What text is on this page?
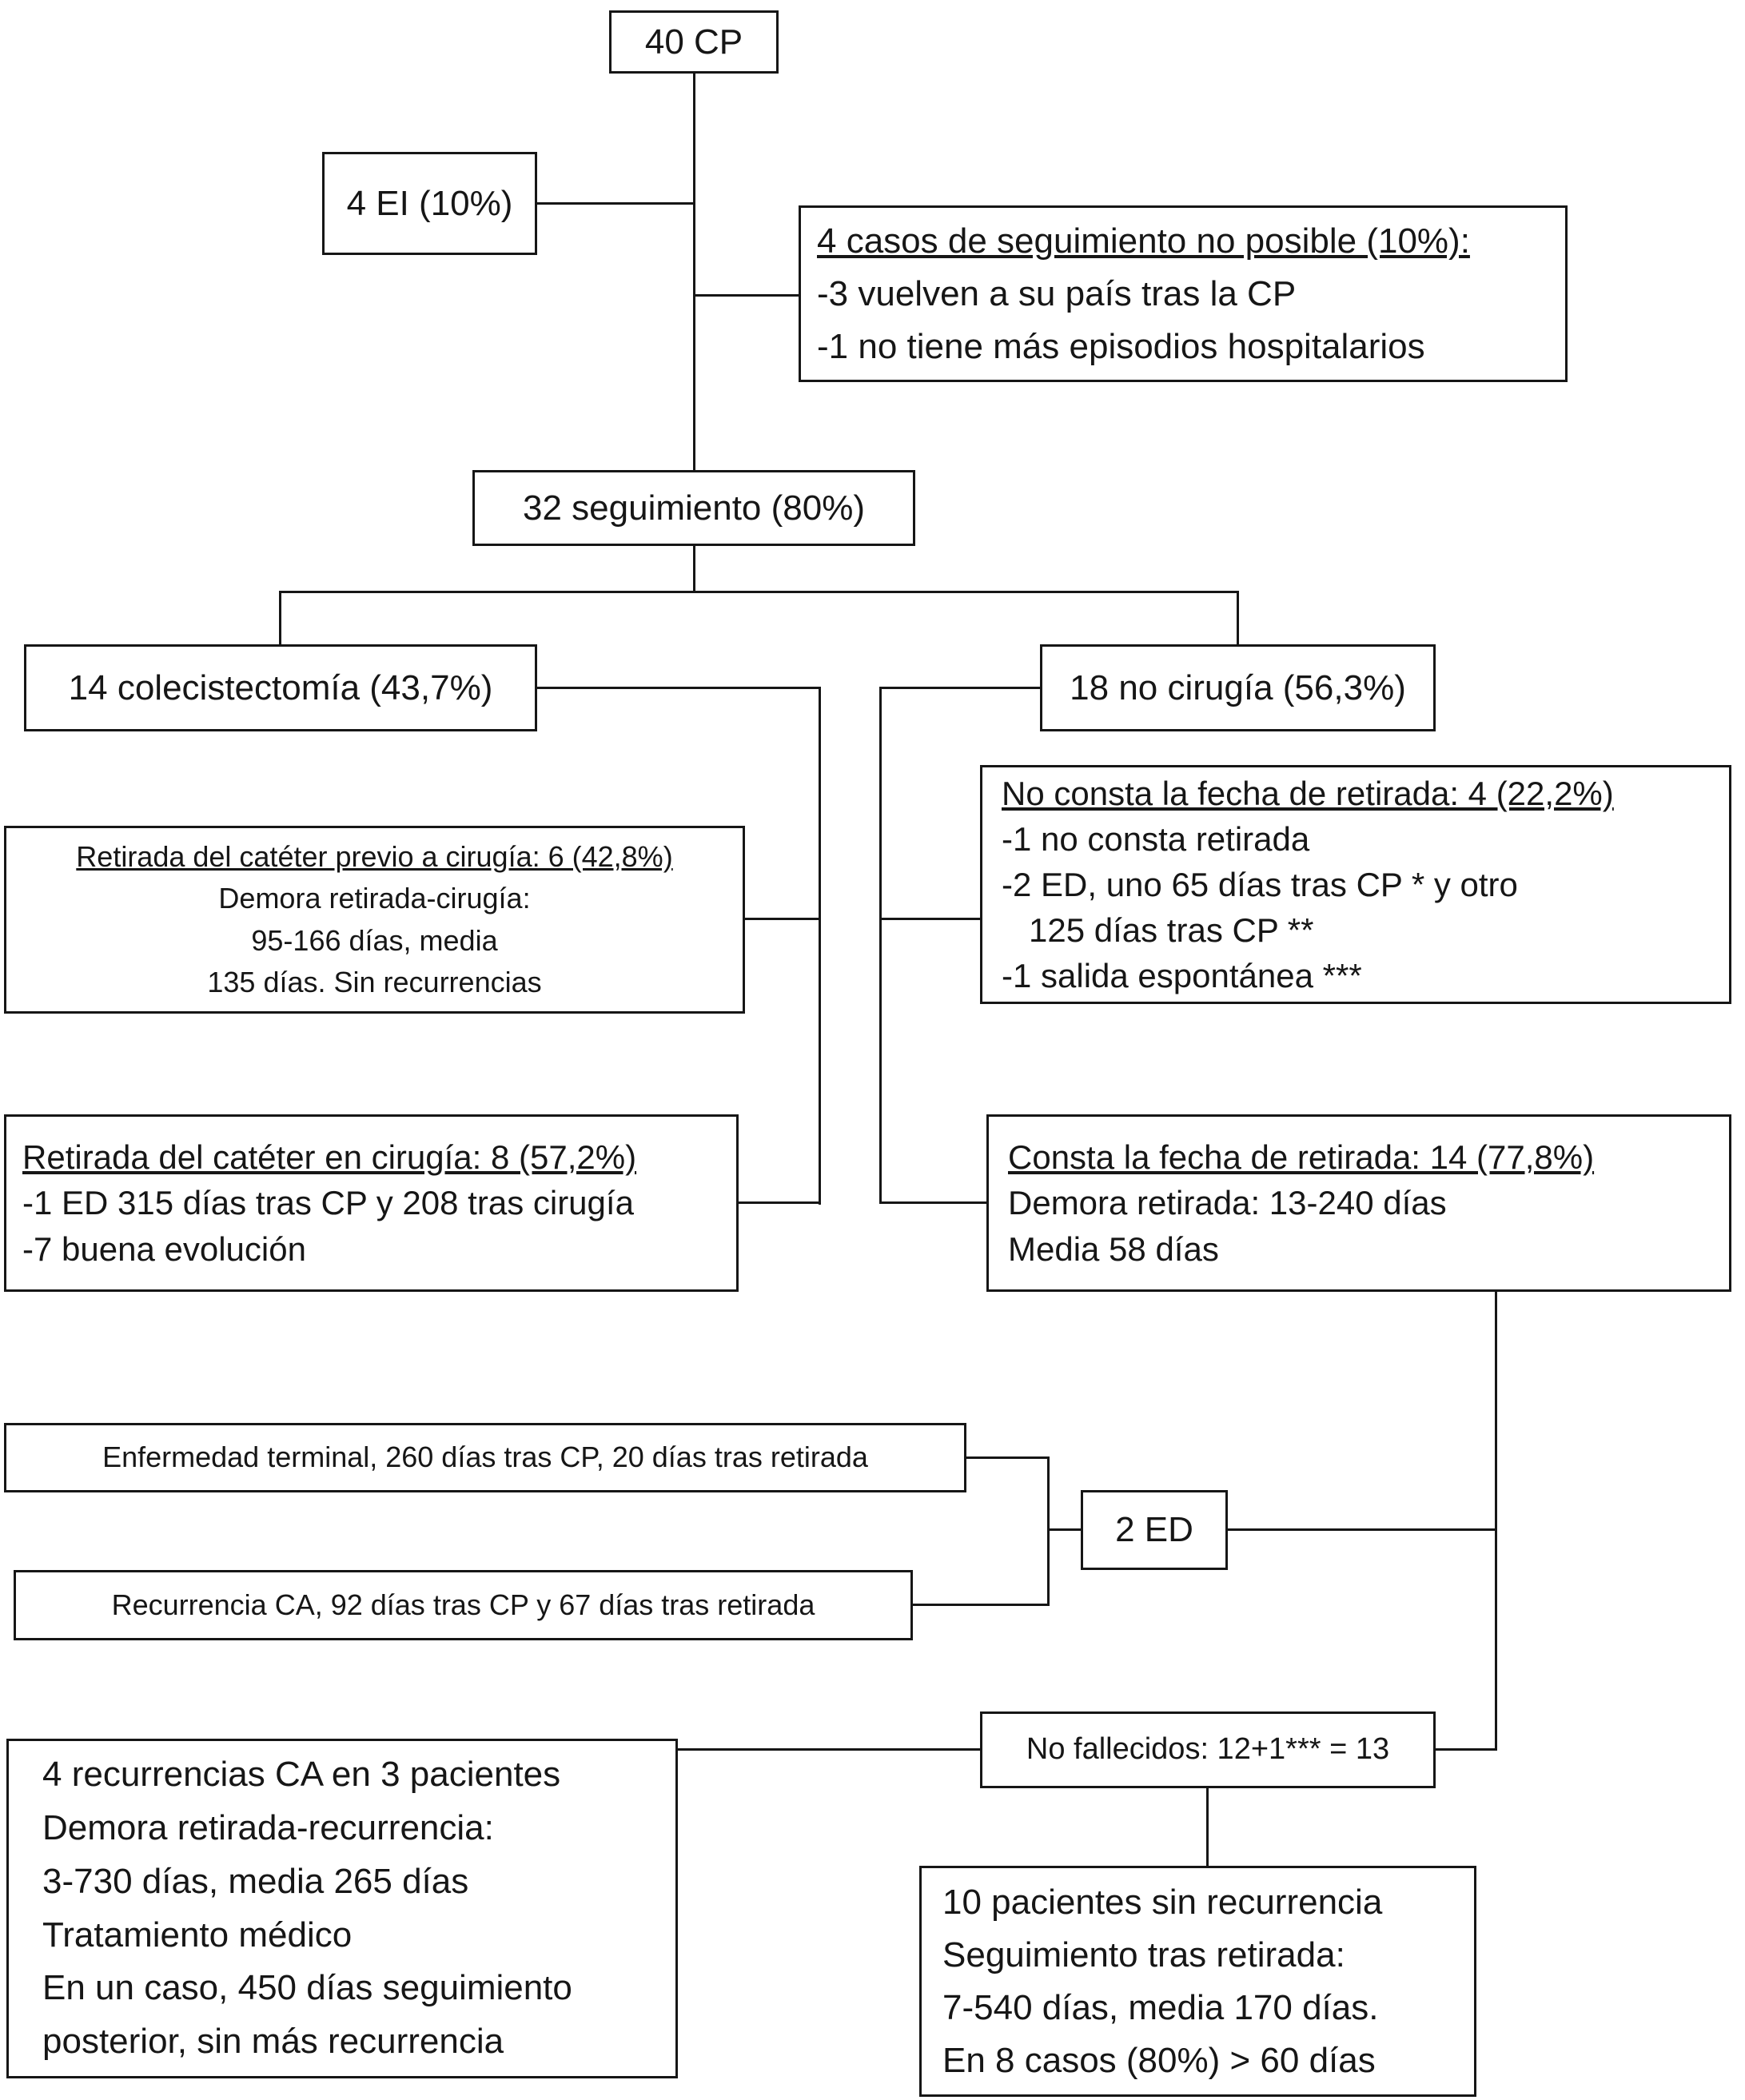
40 CP
4 EI (10%)
4 casos de seguimiento no posible (10%):
-3 vuelven a su país tras la CP
-1 no tiene más episodios hospitalarios
32 seguimiento (80%)
14 colecistectomía (43,7%)	18 no cirugía (56,3%)
Retirada del catéter previo a cirugía: 6 (42,8%)
Demora retirada-cirugía:
95-166 días, media
135 días. Sin recurrencias
No consta la fecha de retirada: 4 (22,2%)
-1 no consta retirada
-2 ED, uno 65 días tras CP * y otro
125 días tras CP **
-1 salida espontánea ***
Retirada del catéter en cirugía: 8 (57,2%)
-1 ED 315 días tras CP y 208 tras cirugía
-7 buena evolución
Consta la fecha de retirada: 14 (77,8%)
Demora retirada: 13-240 días
Media 58 días
Enfermedad terminal, 260 días tras CP, 20 días tras retirada
2 ED
Recurrencia CA, 92 días tras CP y 67 días tras retirada
No fallecidos: 12+1*** = 13
4 recurrencias CA en 3 pacientes
Demora retirada-recurrencia:
3-730 días, media 265 días
Tratamiento médico
En un caso, 450 días seguimiento
posterior, sin más recurrencia
10 pacientes sin recurrencia
Seguimiento tras retirada:
7-540 días, media 170 días.
En 8 casos (80%) > 60 días
